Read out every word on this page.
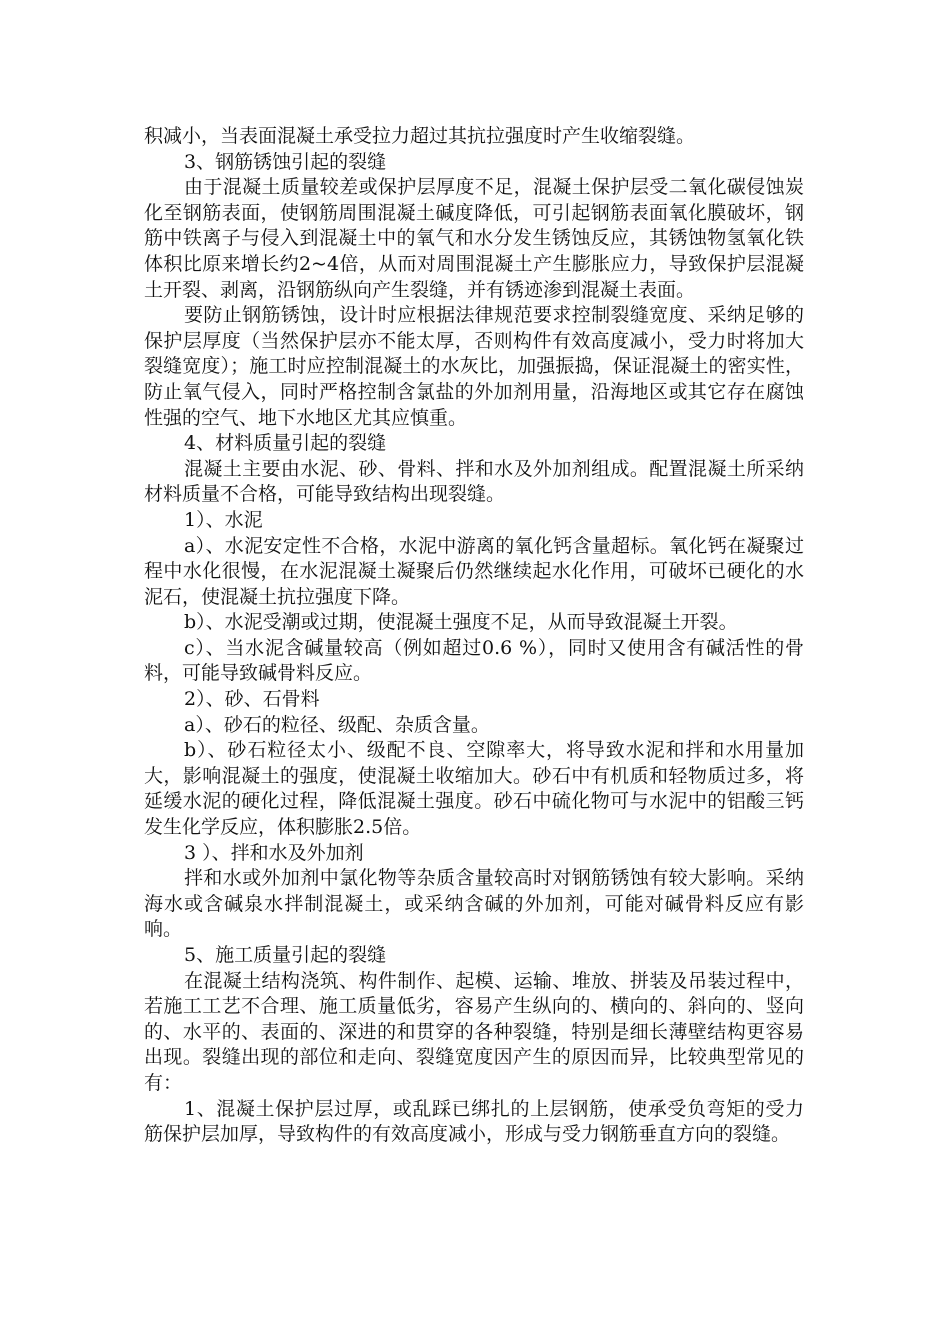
积减小，当表面混凝土承受拉力超过其抗拉强度时产生收缩裂缝。

3、钢筋锈蚀引起的裂缝

由于混凝土质量较差或保护层厚度不足，混凝土保护层受二氧化碳侵蚀炭化至钢筋表面，使钢筋周围混凝土碱度降低，可引起钢筋表面氧化膜破坏，钢筋中铁离子与侵入到混凝土中的氧气和水分发生锈蚀反应，其锈蚀物氢氧化铁体积比原来增长约2~4倍，从而对周围混凝土产生膨胀应力，导致保护层混凝土开裂、剥离，沿钢筋纵向产生裂缝，并有锈迹渗到混凝土表面。

要防止钢筋锈蚀，设计时应根据法律规范要求控制裂缝宽度、采纳足够的保护层厚度（当然保护层亦不能太厚，否则构件有效高度减小，受力时将加大裂缝宽度）；施工时应控制混凝土的水灰比，加强振捣，保证混凝土的密实性，防止氧气侵入，同时严格控制含氯盐的外加剂用量，沿海地区或其它存在腐蚀性强的空气、地下水地区尤其应慎重。

4、材料质量引起的裂缝

混凝土主要由水泥、砂、骨料、拌和水及外加剂组成。配置混凝土所采纳材料质量不合格，可能导致结构出现裂缝。

1）、水泥

a）、水泥安定性不合格，水泥中游离的氧化钙含量超标。氧化钙在凝聚过程中水化很慢，在水泥混凝土凝聚后仍然继续起水化作用，可破坏已硬化的水泥石，使混凝土抗拉强度下降。

b）、水泥受潮或过期，使混凝土强度不足，从而导致混凝土开裂。

c）、当水泥含碱量较高（例如超过0.6 %），同时又使用含有碱活性的骨料，可能导致碱骨料反应。

2）、砂、石骨料

a）、砂石的粒径、级配、杂质含量。

b）、砂石粒径太小、级配不良、空隙率大，将导致水泥和拌和水用量加大，影响混凝土的强度，使混凝土收缩加大。砂石中有机质和轻物质过多，将延缓水泥的硬化过程，降低混凝土强度。砂石中硫化物可与水泥中的铝酸三钙发生化学反应，体积膨胀2.5倍。

3 ）、拌和水及外加剂

拌和水或外加剂中氯化物等杂质含量较高时对钢筋锈蚀有较大影响。采纳海水或含碱泉水拌制混凝土，或采纳含碱的外加剂，可能对碱骨料反应有影响。

5、施工质量引起的裂缝

在混凝土结构浇筑、构件制作、起模、运输、堆放、拼装及吊装过程中，若施工工艺不合理、施工质量低劣，容易产生纵向的、横向的、斜向的、竖向的、水平的、表面的、深进的和贯穿的各种裂缝，特别是细长薄壁结构更容易出现。裂缝出现的部位和走向、裂缝宽度因产生的原因而异，比较典型常见的有：

1、混凝土保护层过厚，或乱踩已绑扎的上层钢筋，使承受负弯矩的受力筋保护层加厚，导致构件的有效高度减小，形成与受力钢筋垂直方向的裂缝。
